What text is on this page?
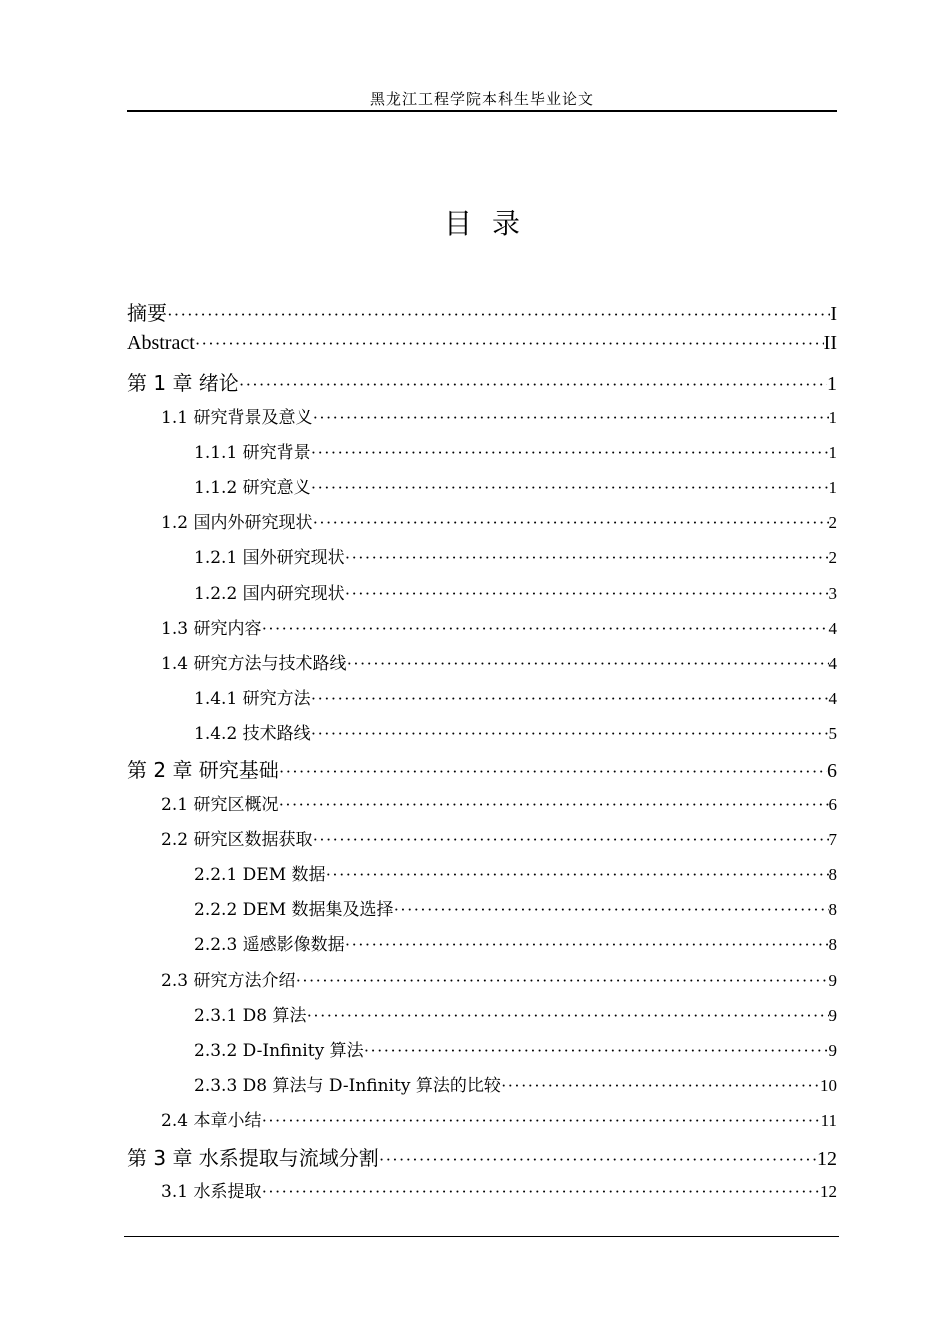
黑龙江工程学院本科生毕业论文
目录
摘要 ·····	I
Abstract ·····	II
第 1 章 绪论 ·····	1
1.1 研究背景及意义 ·····	1
1.1.1 研究背景 ·····	1
1.1.2 研究意义 ·····	1
1.2 国内外研究现状 ·····	2
1.2.1 国外研究现状 ·····	2
1.2.2 国内研究现状 ·····	3
1.3 研究内容 ·····	4
1.4 研究方法与技术路线 ·····	4
1.4.1 研究方法 ·····	4
1.4.2 技术路线 ·····	5
第 2 章 研究基础 ·····	6
2.1 研究区概况 ·····	6
2.2 研究区数据获取 ·····	7
2.2.1 DEM 数据 ·····	8
2.2.2 DEM 数据集及选择 ·····	8
2.2.3 遥感影像数据 ·····	8
2.3 研究方法介绍 ·····	9
2.3.1 D8 算法 ·····	9
2.3.2 D-Infinity 算法 ·····	9
2.3.3 D8 算法与 D-Infinity 算法的比较 ·····	10
2.4 本章小结 ·····	11
第 3 章 水系提取与流域分割 ·····	12
3.1 水系提取 ·····	12
